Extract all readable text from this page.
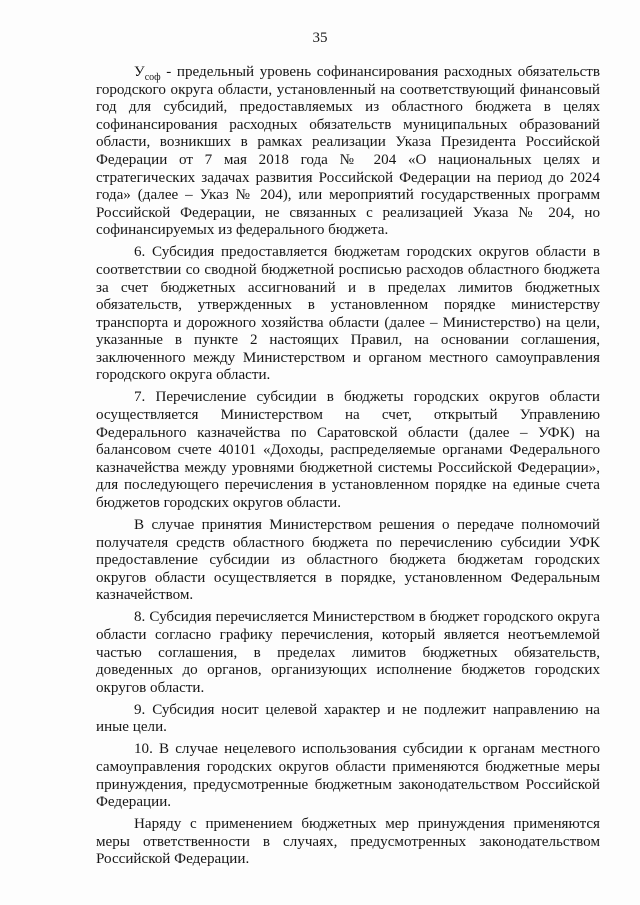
35

$У_{соф}$ - предельный уровень софинансирования расходных обязательств городского округа области, установленный на соответствующий финансовый год для субсидий, предоставляемых из областного бюджета в целях софинансирования расходных обязательств муниципальных образований области, возникших в рамках реализации Указа Президента Российской Федерации от 7 мая 2018 года № 204 «О национальных целях и стратегических задачах развития Российской Федерации на период до 2024 года» (далее – Указ № 204), или мероприятий государственных программ Российской Федерации, не связанных с реализацией Указа № 204, но софинансируемых из федерального бюджета.

6. Субсидия предоставляется бюджетам городских округов области в соответствии со сводной бюджетной росписью расходов областного бюджета за счет бюджетных ассигнований и в пределах лимитов бюджетных обязательств, утвержденных в установленном порядке министерству транспорта и дорожного хозяйства области (далее – Министерство) на цели, указанные в пункте 2 настоящих Правил, на основании соглашения, заключенного между Министерством и органом местного самоуправления городского округа области.

7. Перечисление субсидии в бюджеты городских округов области осуществляется Министерством на счет, открытый Управлению Федерального казначейства по Саратовской области (далее – УФК) на балансовом счете 40101 «Доходы, распределяемые органами Федерального казначейства между уровнями бюджетной системы Российской Федерации», для последующего перечисления в установленном порядке на единые счета бюджетов городских округов области.

В случае принятия Министерством решения о передаче полномочий получателя средств областного бюджета по перечислению субсидии УФК предоставление субсидии из областного бюджета бюджетам городских округов области осуществляется в порядке, установленном Федеральным казначейством.

8. Субсидия перечисляется Министерством в бюджет городского округа области согласно графику перечисления, который является неотъемлемой частью соглашения, в пределах лимитов бюджетных обязательств, доведенных до органов, организующих исполнение бюджетов городских округов области.

9. Субсидия носит целевой характер и не подлежит направлению на иные цели.

10. В случае нецелевого использования субсидии к органам местного самоуправления городских округов области применяются бюджетные меры принуждения, предусмотренные бюджетным законодательством Российской Федерации.

Наряду с применением бюджетных мер принуждения применяются меры ответственности в случаях, предусмотренных законодательством Российской Федерации.
